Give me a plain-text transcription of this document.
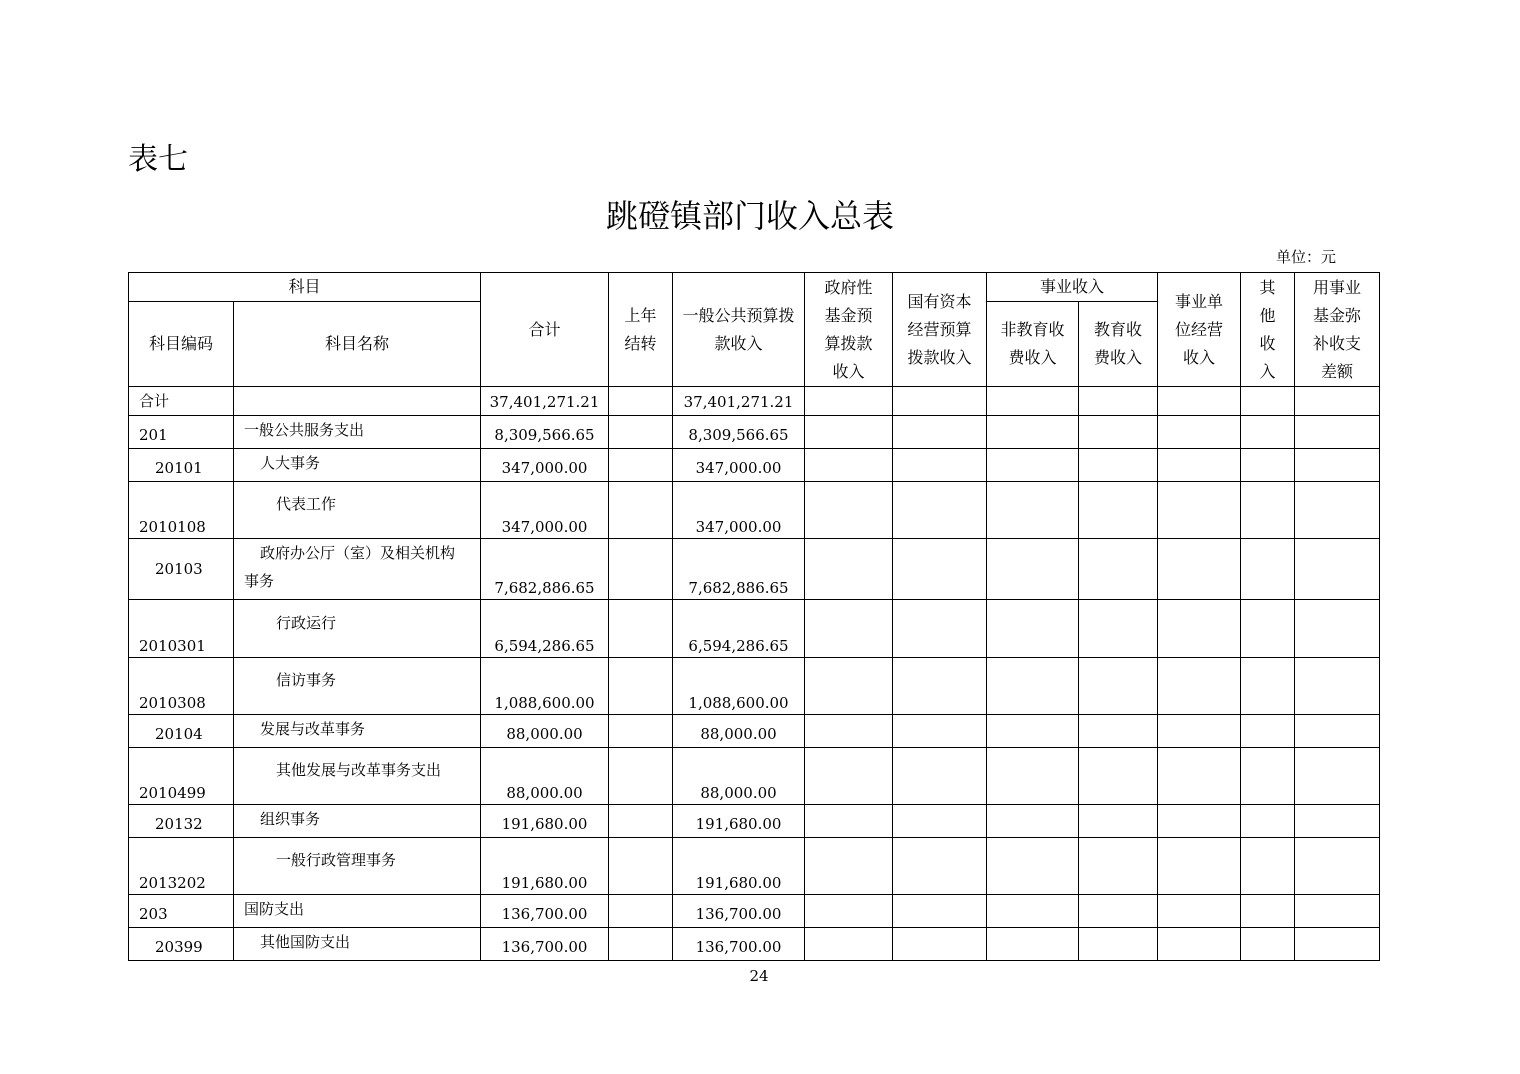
表七
跳磴镇部门收入总表
单位：元
科目		合计	上年结转	一般公共预算拨款收入	政府性基金预算拨款收入	国有资本经营预算拨款收入	事业收入		事业单位经营收入	其他收入	用事业基金弥补收支差额
科目编码	科目名称						非教育收费收入	教育收费收入			
合计		37,401,271.21		37,401,271.21							
201	一般公共服务支出	8,309,566.65		8,309,566.65							
20101	人大事务	347,000.00		347,000.00							
2010108	代表工作	347,000.00		347,000.00							
20103	政府办公厅（室）及相关机构
事务	7,682,886.65		7,682,886.65							
2010301	行政运行	6,594,286.65		6,594,286.65							
2010308	信访事务	1,088,600.00		1,088,600.00							
20104	发展与改革事务	88,000.00		88,000.00							
2010499	其他发展与改革事务支出	88,000.00		88,000.00							
20132	组织事务	191,680.00		191,680.00							
2013202	一般行政管理事务	191,680.00		191,680.00							
203	国防支出	136,700.00		136,700.00							
20399	其他国防支出	136,700.00		136,700.00							
24
